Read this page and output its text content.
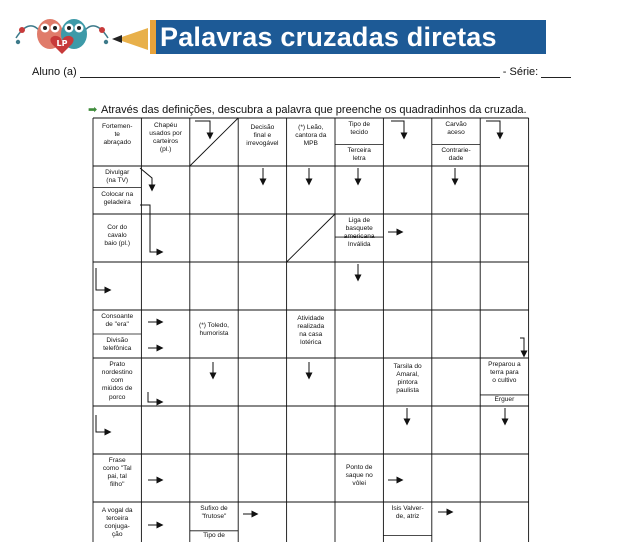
LP	Palavras cruzadas diretas
Aluno (a)	- Série:
➡ Através das definições, descubra a palavra que preenche os quadradinhos da cruzada.
Fortemen-
te
abraçado
Chapéu
usados por
carteiros
(pl.)
Decisão
final e
irrevogável
(*) Leão,
cantora da
MPB
Tipo de
tecido
Terceira
letra
Carvão
aceso
Contrarie-
dade
Divulgar
(na TV)
Colocar na
geladeira
Cor do
cavalo
baio (pl.)
Liga de
basquete
americana
Inválida
Consoante
de "era"
Divisão
telefônica
(*) Toledo,
humorista
Atividade
realizada
na casa
lotérica
Prato
nordestino
com
miúdos de
porco
Tarsila do
Amaral,
pintora
paulista
Preparou a
terra para
o cultivo
Erguer
Frase
como "Tal
pai, tal
filho"
Ponto de
saque no
vôlei
A vogal da
terceira
conjuga-
ção
Sufixo de
"frutose"
Tipo de
Ísis Valver-
de, atriz
